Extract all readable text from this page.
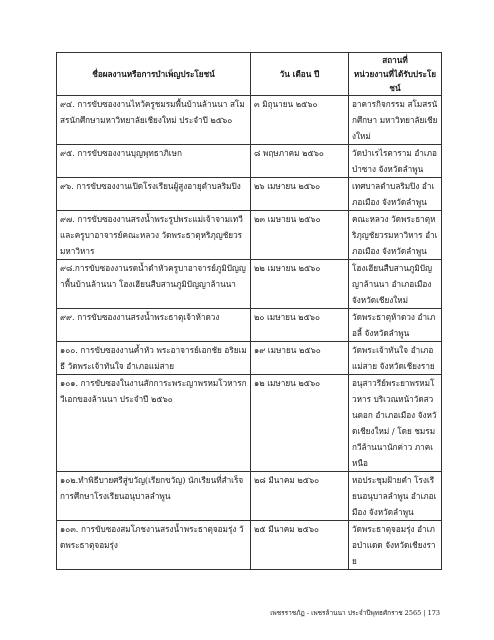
ชื่อผลงานหรือการบำเพ็ญประโยชน์	วัน เดือน ปี	สถานที่
หน่วยงานที่ได้รับประโยชน์
๙๔. การขับซองงานไหว้ครูชมรมพื้นบ้านล้านนา สโมสรนักศึกษามหาวิทยาลัยเชียงใหม่ ประจำปี ๒๕๖๐	๓ มิถุนายน ๒๕๖๐	อาคารกิจกรรม สโมสรนักศึกษา มหาวิทยาลัยเชียงใหม่
๙๕. การขับซองงานบุญพุทธาภิเษก	๘ พฤษภาคม ๒๕๖๐	วัดป่าเรไรตาราม อำเภอป่าซาง จังหวัดลำพูน
๙๖. การขับซองงานเปิดโรงเรียนผู้สูงอายุตำบลริมปิง	๒๖ เมษายน ๒๕๖๐	เทศบาลตำบลริมปิง อำเภอเมือง จังหวัดลำพูน
๙๗. การขับซองงานสรงน้ำพระรูปพระแม่เจ้าจามเทวีและครูบาอาจารย์คณะหลวง วัดพระธาตุหริภุญชัยวรมหาวิหาร	๒๓ เมษายน ๒๕๖๐	คณะหลวง วัดพระธาตุหริภุญชัยวรมหาวิหาร อำเภอเมือง จังหวัดลำพูน
๙๘.การขับซองงานรดน้ำดำหัวครูบาอาจารย์ภูมิปัญญาพื้นบ้านล้านนา โฮงเฮียนสืบสานภูมิปัญญาล้านนา	๒๒ เมษายน ๒๕๖๐	โฮงเฮียนสืบสานภูมิปัญญาล้านนา อำเภอเมือง จังหวัดเชียงใหม่
๙๙. การขับซองงานสรงน้ำพระธาตุเจ้าห้าดวง	๒๐ เมษายน ๒๕๖๐	วัดพระธาตุห้าดวง อำเภอลี้ จังหวัดลำพูน
๑๐๐. การขับซองงานค้ำหัว พระอาจารย์เอกชัย อริยเมธี วัดพระเจ้าทันใจ อำเภอแม่สาย	๑๙ เมษายน ๒๕๖๐	วัดพระเจ้าทันใจ อำเภอแม่สาย จังหวัดเชียงราย
๑๐๑. การขับซองในงานสักการะพระญาพรหมโวหารกวีเอกของล้านนา ประจำปี ๒๕๖๐	๑๒ เมษายน ๒๕๖๐	อนุสาวรีย์พระยาพรหมโวหาร บริเวณหน้าวัดสวนดอก อำเภอเมือง จังหวัดเชียงใหม่ / โดย ชมรมกวีล้านนานักค่าว ภาคเหนือ
๑๐๒.ทำพิธีบายศรีสู่ขวัญ(เรียกขวัญ) นักเรียนที่สำเร็จการศึกษาโรงเรียนอนุบาลลำพูน	๒๘ มีนาคม ๒๕๖๐	หอประชุมฝ้ายคำ โรงเรียนอนุบาลลำพูน อำเภอเมือง จังหวัดลำพูน
๑๐๓. การขับซองสมโภชงานสรงน้ำพระธาตุจอมรุ่ง วัดพระธาตุจอมรุ่ง	๒๕ มีนาคม ๒๕๖๐	วัดพระธาตุจอมรุ่ง อำเภอป่าแดด จังหวัดเชียงราย
เพชรราชภัฏ - เพชรล้านนา ประจำปีพุทธศักราช 2565 | 173
